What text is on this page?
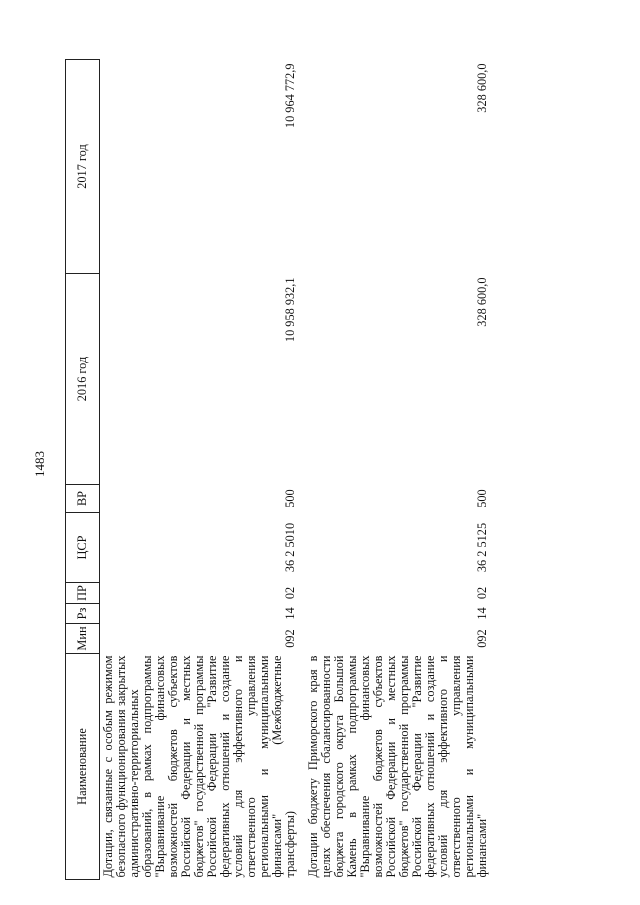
1483
Наименование	Мин	Рз	ПР	ЦСР	ВР	2016 год	2017 год
Дотации, связанные с особым режимом безопасного функционирования закрытых административно-территориальных образований, в рамках подпрограммы "Выравнивание финансовых возможностей бюджетов субъектов Российской Федерации и местных бюджетов" государственной программы Российской Федерации "Развитие федеративных отношений и создание условий для эффективного и ответственного управления региональными и муниципальными финансами" (Межбюджетные трансферты)	092	14	02	36 2 5010	500	10 958 932,1	10 964 772,9
Дотации бюджету Приморского края в целях обеспечения сбалансированности бюджета городского округа Большой Камень в рамках подпрограммы "Выравнивание финансовых возможностей бюджетов субъектов Российской Федерации и местных бюджетов" государственной программы Российской Федерации "Развитие федеративных отношений и создание условий для эффективного и ответственного управления региональными и муниципальными финансами"	092	14	02	36 2 5125	500	328 600,0	328 600,0
